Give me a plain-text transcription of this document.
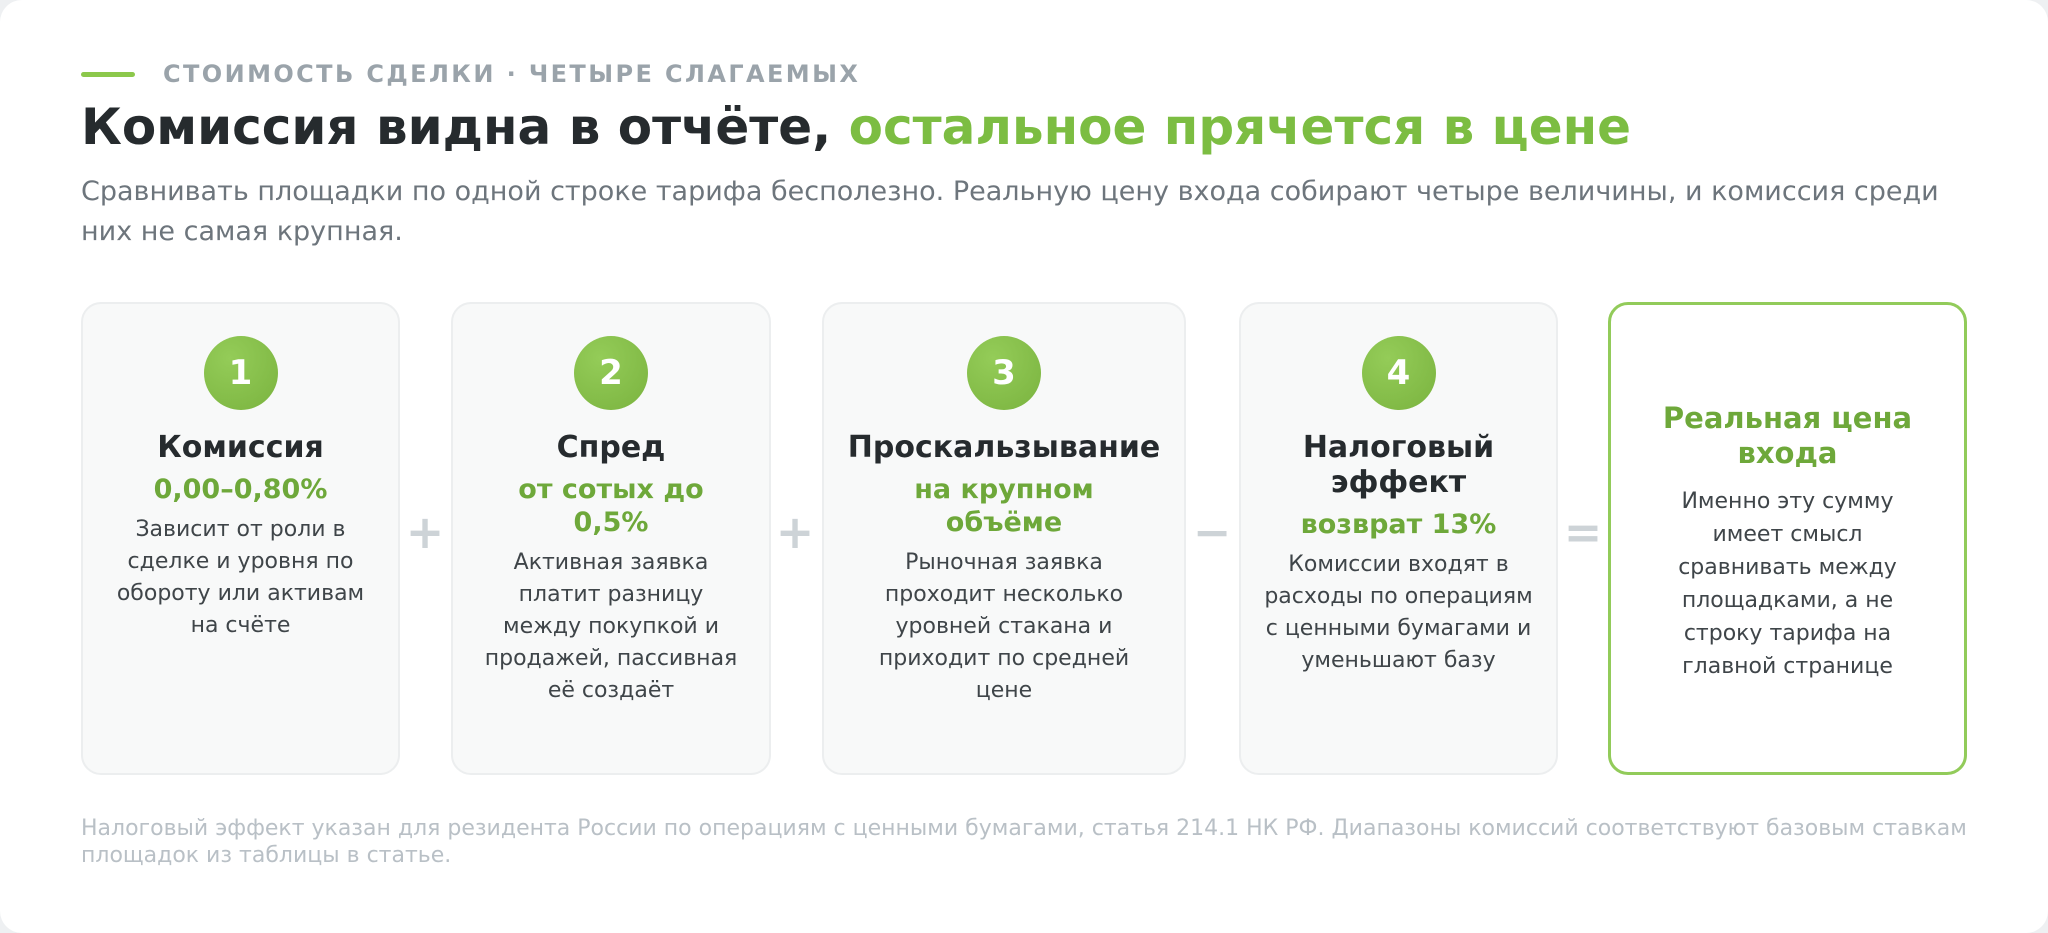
СТОИМОСТЬ СДЕЛКИ · ЧЕТЫРЕ СЛАГАЕМЫХ
Комиссия видна в отчёте, остальное прячется в цене

Сравнивать площадки по одной строке тарифа бесполезно. Реальную цену входа собирают четыре величины, и комиссия среди них не самая крупная.

1
Комиссия
0,00–0,80%
Зависит от роли в сделке и уровня по обороту или активам на счёте
+
2
Спред
от сотых до 0,5%
Активная заявка платит разницу между покупкой и продажей, пассивная её создаёт
+
3
Проскальзывание
на крупном объёме
Рыночная заявка проходит несколько уровней стакана и приходит по средней цене
−
4
Налоговый эффект
возврат 13%
Комиссии входят в расходы по операциям с ценными бумагами и уменьшают базу
=
Реальная цена входа
Именно эту сумму имеет смысл сравнивать между площадками, а не строку тарифа на главной странице

Налоговый эффект указан для резидента России по операциям с ценными бумагами, статья 214.1 НК РФ. Диапазоны комиссий соответствуют базовым ставкам площадок из таблицы в статье.
